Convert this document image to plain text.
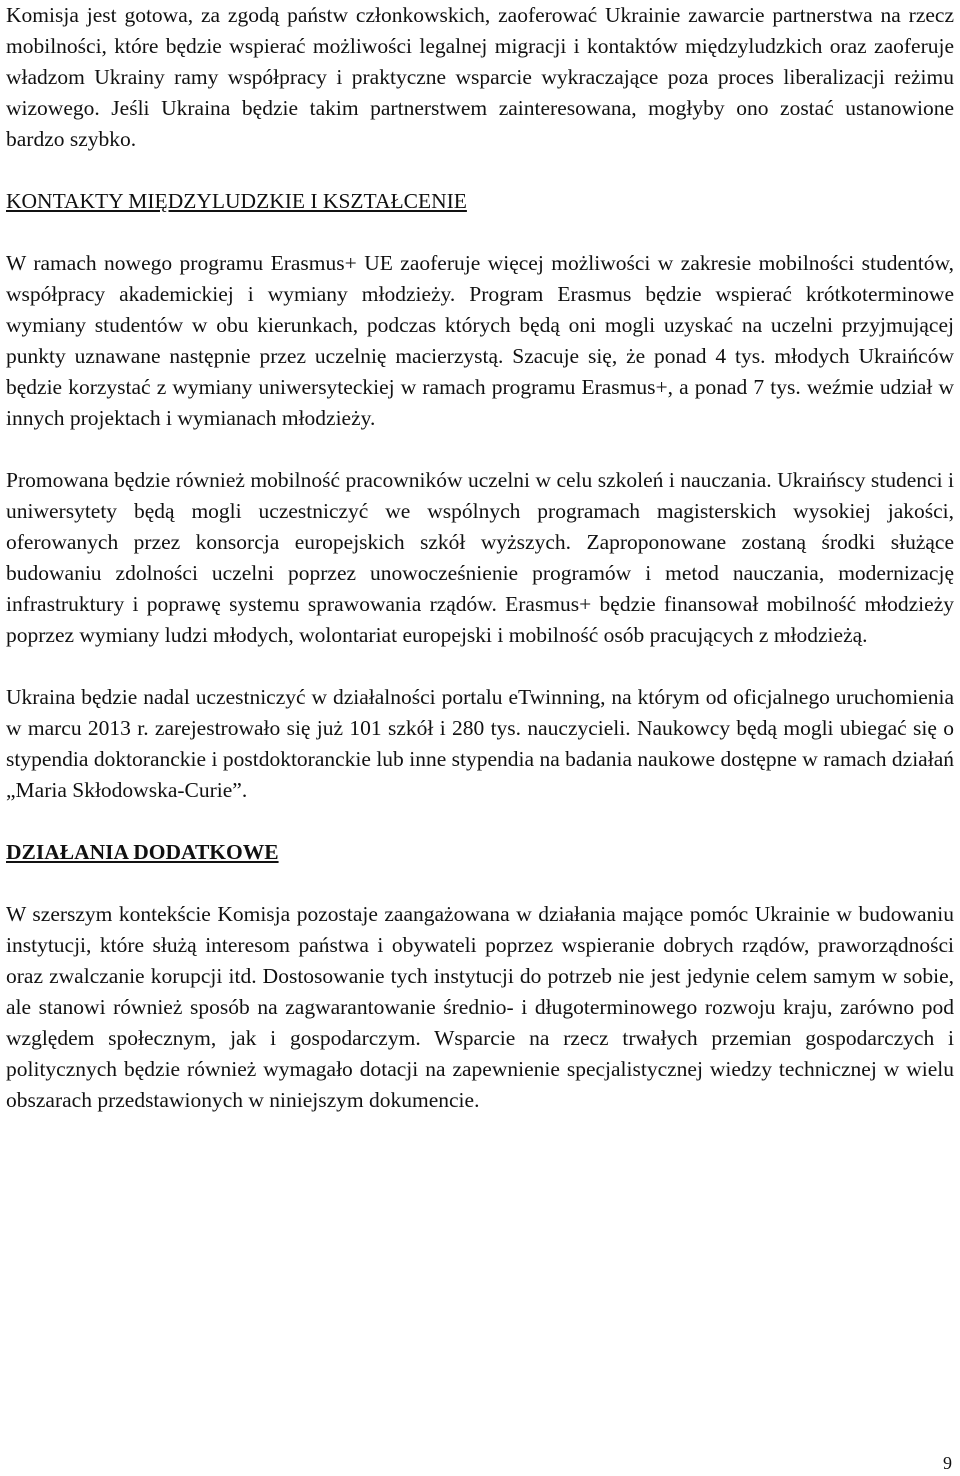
Komisja jest gotowa, za zgodą państw członkowskich, zaoferować Ukrainie zawarcie partnerstwa na rzecz mobilności, które będzie wspierać możliwości legalnej migracji i kontaktów międzyludzkich oraz zaoferuje władzom Ukrainy ramy współpracy i praktyczne wsparcie wykraczające poza proces liberalizacji reżimu wizowego. Jeśli Ukraina będzie takim partnerstwem zainteresowana, mogłyby ono zostać ustanowione bardzo szybko.

KONTAKTY MIĘDZYLUDZKIE I KSZTAŁCENIE

W ramach nowego programu Erasmus+ UE zaoferuje więcej możliwości w zakresie mobilności studentów, współpracy akademickiej i wymiany młodzieży. Program Erasmus będzie wspierać krótkoterminowe wymiany studentów w obu kierunkach, podczas których będą oni mogli uzyskać na uczelni przyjmującej punkty uznawane następnie przez uczelnię macierzystą. Szacuje się, że ponad 4 tys. młodych Ukraińców będzie korzystać z wymiany uniwersyteckiej w ramach programu Erasmus+, a ponad 7 tys. weźmie udział w innych projektach i wymianach młodzieży.

Promowana będzie również mobilność pracowników uczelni w celu szkoleń i nauczania. Ukraińscy studenci i uniwersytety będą mogli uczestniczyć we wspólnych programach magisterskich wysokiej jakości, oferowanych przez konsorcja europejskich szkół wyższych. Zaproponowane zostaną środki służące budowaniu zdolności uczelni poprzez unowocześnienie programów i metod nauczania, modernizację infrastruktury i poprawę systemu sprawowania rządów. Erasmus+ będzie finansował mobilność młodzieży poprzez wymiany ludzi młodych, wolontariat europejski i mobilność osób pracujących z młodzieżą.

Ukraina będzie nadal uczestniczyć w działalności portalu eTwinning, na którym od oficjalnego uruchomienia w marcu 2013 r. zarejestrowało się już 101 szkół i 280 tys. nauczycieli. Naukowcy będą mogli ubiegać się o stypendia doktoranckie i postdoktoranckie lub inne stypendia na badania naukowe dostępne w ramach działań „Maria Skłodowska-Curie”.

DZIAŁANIA DODATKOWE

W szerszym kontekście Komisja pozostaje zaangażowana w działania mające pomóc Ukrainie w budowaniu instytucji, które służą interesom państwa i obywateli poprzez wspieranie dobrych rządów, praworządności oraz zwalczanie korupcji itd. Dostosowanie tych instytucji do potrzeb nie jest jedynie celem samym w sobie, ale stanowi również sposób na zagwarantowanie średnio- i długoterminowego rozwoju kraju, zarówno pod względem społecznym, jak i gospodarczym. Wsparcie na rzecz trwałych przemian gospodarczych i politycznych będzie również wymagało dotacji na zapewnienie specjalistycznej wiedzy technicznej w wielu obszarach przedstawionych w niniejszym dokumencie.

9
